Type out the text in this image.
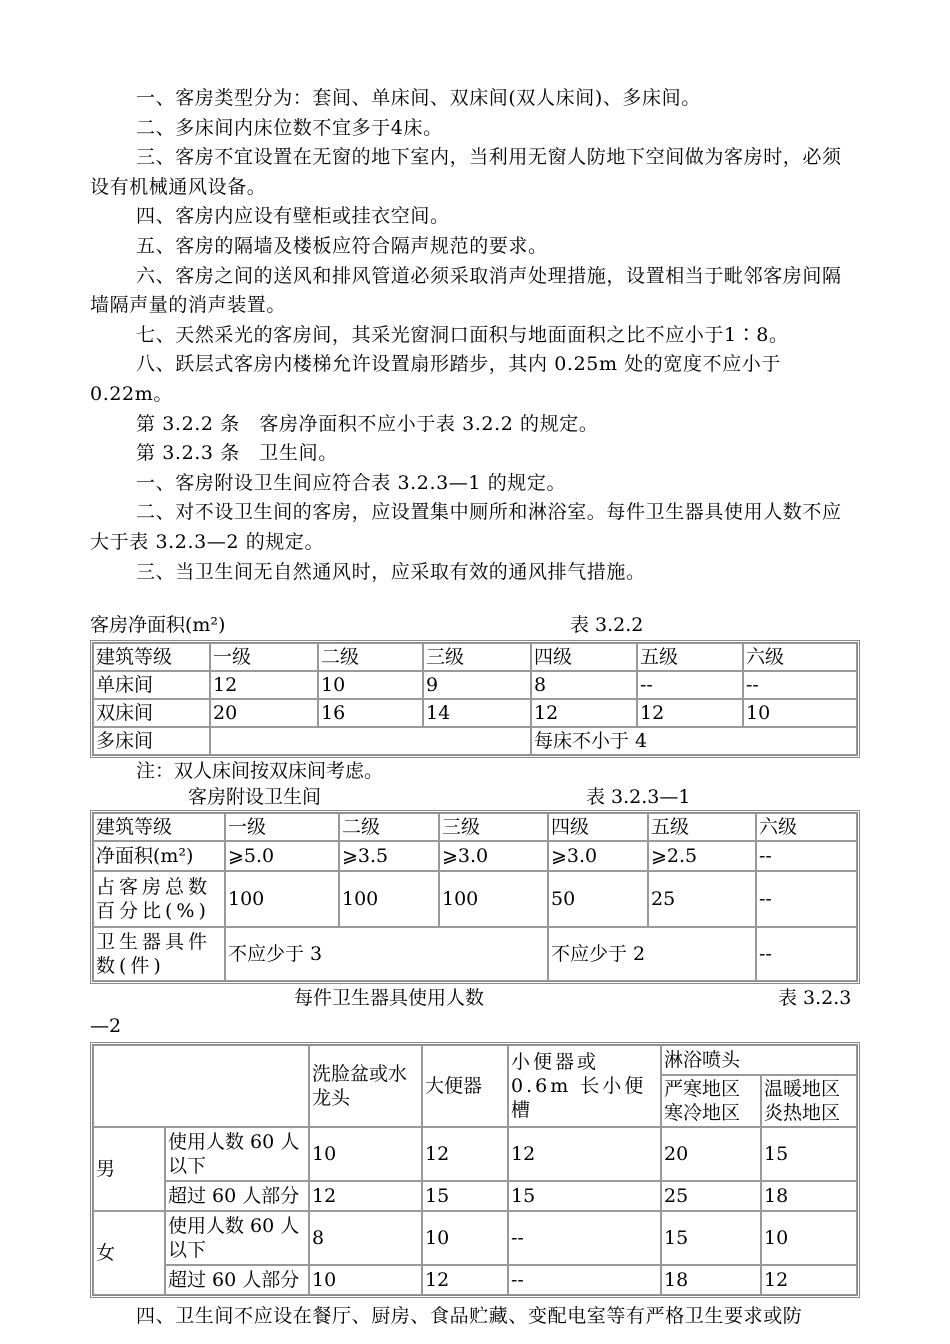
一、客房类型分为：套间、单床间、双床间(双人床间)、多床间。

二、多床间内床位数不宜多于4床。

三、客房不宜设置在无窗的地下室内，当利用无窗人防地下空间做为客房时，必须设有机械通风设备。

四、客房内应设有壁柜或挂衣空间。

五、客房的隔墙及楼板应符合隔声规范的要求。

六、客房之间的送风和排风管道必须采取消声处理措施，设置相当于毗邻客房间隔墙隔声量的消声装置。

七、天然采光的客房间，其采光窗洞口面积与地面面积之比不应小于1∶8。

八、跃层式客房内楼梯允许设置扇形踏步，其内 0.25m 处的宽度不应小于 0.22m。

第 3.2.2 条　客房净面积不应小于表 3.2.2 的规定。

第 3.2.3 条　卫生间。

一、客房附设卫生间应符合表 3.2.3—1 的规定。

二、对不设卫生间的客房，应设置集中厕所和淋浴室。每件卫生器具使用人数不应大于表 3.2.3—2 的规定。

三、当卫生间无自然通风时，应采取有效的通风排气措施。

客房净面积(m²)	表 3.2.2
建筑等级	一级	二级	三级	四级	五级	六级
单床间	12	10	9	8	--	--
双床间	20	16	14	12	12	10
多床间				每床不小于 4		
注：双人床间按双床间考虑。
客房附设卫生间	表 3.2.3—1
建筑等级	一级	二级	三级	四级	五级	六级
净面积(m²)	⩾5.0	⩾3.5	⩾3.0	⩾3.0	⩾2.5	--
占客房总数百分比(%)	100	100	100	50	25	--
卫生器具件数(件)	不应少于 3			不应少于 2		--
每件卫生器具使用人数	表 3.2.3
—2
		洗脸盆或水龙头	大便器	小便器或 0.6m 长小便槽	淋浴喷头	
					严寒地区寒冷地区	温暖地区炎热地区
男	使用人数 60 人以下	10	12	12	20	15
	超过 60 人部分	12	15	15	25	18
女	使用人数 60 人以下	8	10	--	15	10
	超过 60 人部分	10	12	--	18	12

四、卫生间不应设在餐厅、厨房、食品贮藏、变配电室等有严格卫生要求或防
